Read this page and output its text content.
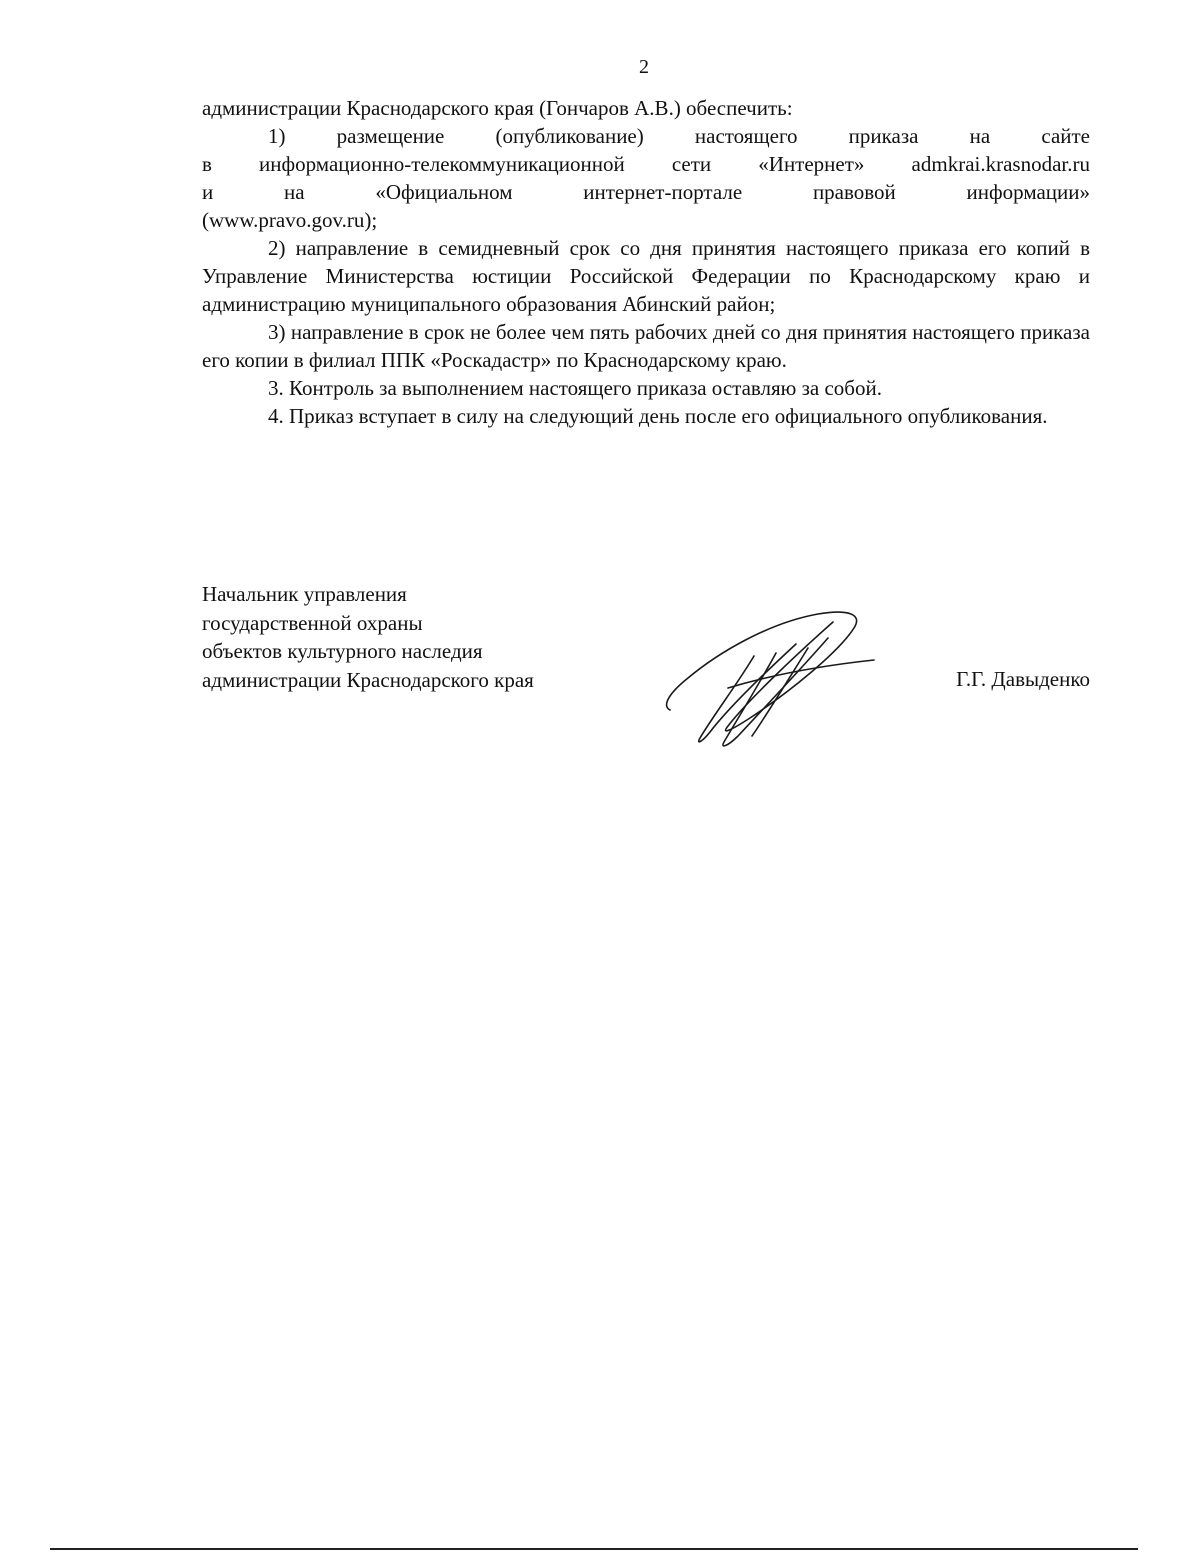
2

администрации Краснодарского края (Гончаров А.В.) обеспечить:

1) размещение (опубликование) настоящего приказа на сайте

в информационно-телекоммуникационной сети «Интернет» admkrai.krasnodar.ru

и на «Официальном интернет-портале правовой информации»

(www.pravo.gov.ru);

2) направление в семидневный срок со дня принятия настоящего приказа его копий в Управление Министерства юстиции Российской Федерации по Краснодарскому краю и администрацию муниципального образования Абинский район;

3) направление в срок не более чем пять рабочих дней со дня принятия настоящего приказа его копии в филиал ППК «Роскадастр» по Краснодарскому краю.

3. Контроль за выполнением настоящего приказа оставляю за собой.

4. Приказ вступает в силу на следующий день после его официального опубликования.

Начальник управления
государственной охраны
объектов культурного наследия
администрации Краснодарского края	Г.Г. Давыденко
